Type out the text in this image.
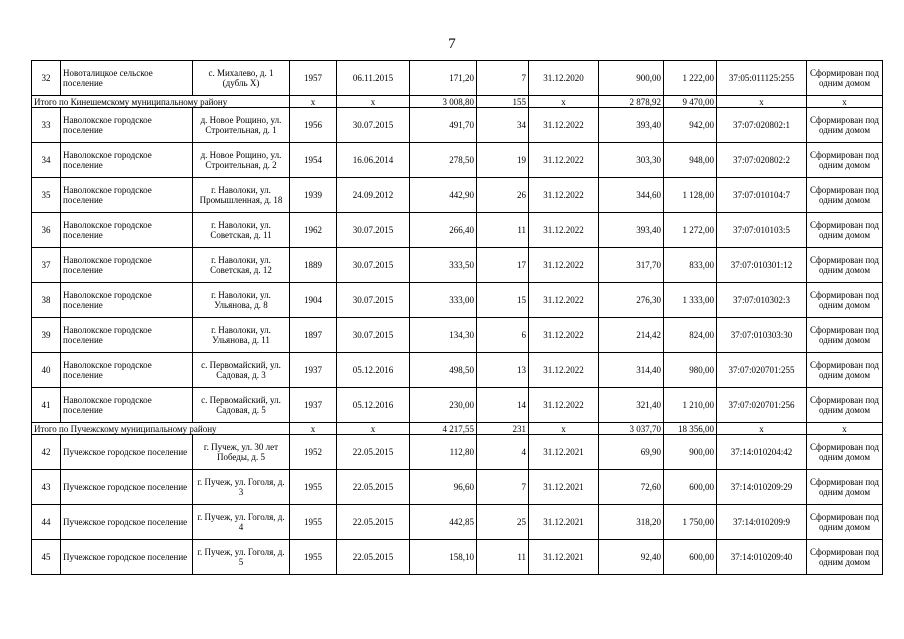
7
32	Новоталицкое сельское поселение	с. Михалево, д. 1 (дубль Х)	1957	06.11.2015	171,20	7	31.12.2020	900,00	1 222,00	37:05:011125:255	Сформирован под одним домом
Итого по Кинешемскому муниципальному району			х	х	3 008,80	155	х	2 878,92	9 470,00	х	х
33	Наволокское городское поселение	д. Новое Рощино, ул. Строительная, д. 1	1956	30.07.2015	491,70	34	31.12.2022	393,40	942,00	37:07:020802:1	Сформирован под одним домом
34	Наволокское городское поселение	д. Новое Рощино, ул. Строительная, д. 2	1954	16.06.2014	278,50	19	31.12.2022	303,30	948,00	37:07:020802:2	Сформирован под одним домом
35	Наволокское городское поселение	г. Наволоки, ул. Промышленная, д. 18	1939	24.09.2012	442,90	26	31.12.2022	344,60	1 128,00	37:07:010104:7	Сформирован под одним домом
36	Наволокское городское поселение	г. Наволоки, ул. Советская, д. 11	1962	30.07.2015	266,40	11	31.12.2022	393,40	1 272,00	37:07:010103:5	Сформирован под одним домом
37	Наволокское городское поселение	г. Наволоки, ул. Советская, д. 12	1889	30.07.2015	333,50	17	31.12.2022	317,70	833,00	37:07:010301:12	Сформирован под одним домом
38	Наволокское городское поселение	г. Наволоки, ул. Ульянова, д. 8	1904	30.07.2015	333,00	15	31.12.2022	276,30	1 333,00	37:07:010302:3	Сформирован под одним домом
39	Наволокское городское поселение	г. Наволоки, ул. Ульянова, д. 11	1897	30.07.2015	134,30	6	31.12.2022	214,42	824,00	37:07:010303:30	Сформирован под одним домом
40	Наволокское городское поселение	с. Первомайский, ул. Садовая, д. 3	1937	05.12.2016	498,50	13	31.12.2022	314,40	980,00	37:07:020701:255	Сформирован под одним домом
41	Наволокское городское поселение	с. Первомайский, ул. Садовая, д. 5	1937	05.12.2016	230,00	14	31.12.2022	321,40	1 210,00	37:07:020701:256	Сформирован под одним домом
Итого по Пучежскому муниципальному району			х	х	4 217,55	231	х	3 037,70	18 356,00	х	х
42	Пучежское городское поселение	г. Пучеж, ул. 30 лет Победы, д. 5	1952	22.05.2015	112,80	4	31.12.2021	69,90	900,00	37:14:010204:42	Сформирован под одним домом
43	Пучежское городское поселение	г. Пучеж, ул. Гоголя, д. 3	1955	22.05.2015	96,60	7	31.12.2021	72,60	600,00	37:14:010209:29	Сформирован под одним домом
44	Пучежское городское поселение	г. Пучеж, ул. Гоголя, д. 4	1955	22.05.2015	442,85	25	31.12.2021	318,20	1 750,00	37:14:010209:9	Сформирован под одним домом
45	Пучежское городское поселение	г. Пучеж, ул. Гоголя, д. 5	1955	22.05.2015	158,10	11	31.12.2021	92,40	600,00	37:14:010209:40	Сформирован под одним домом
